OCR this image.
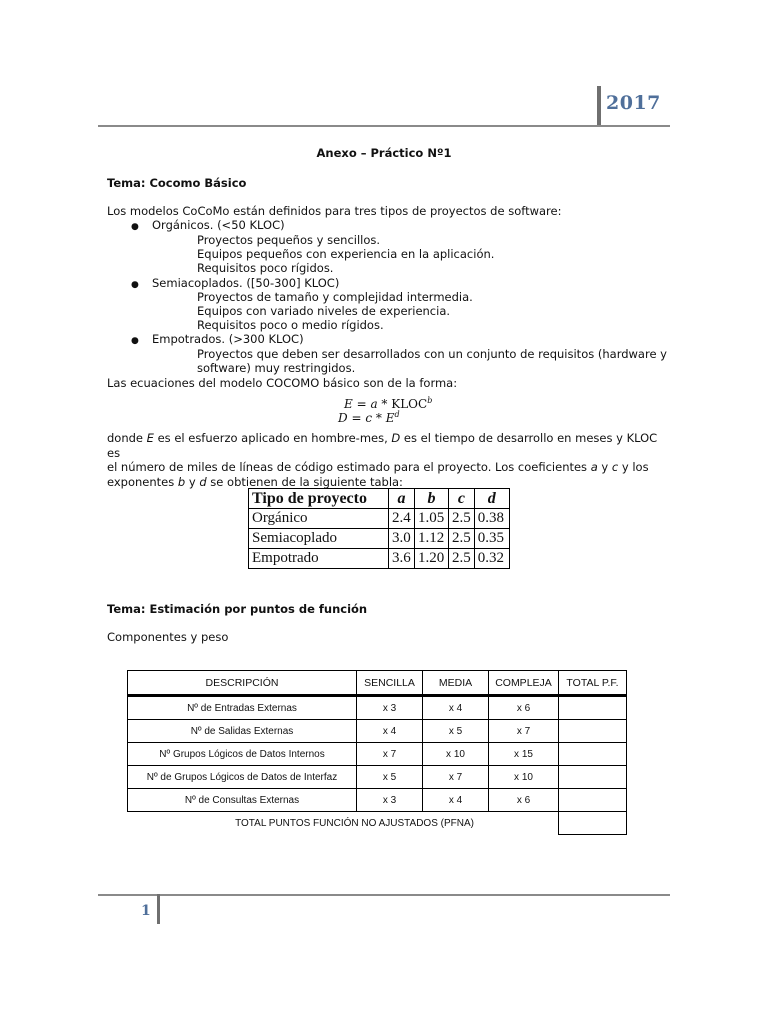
2017
Anexo – Práctico Nº1
Tema: Cocomo Básico
Los modelos CoCoMo están definidos para tres tipos de proyectos de software:
● Orgánicos. (<50 KLOC)
Proyectos pequeños y sencillos.
Equipos pequeños con experiencia en la aplicación.
Requisitos poco rígidos.
● Semiacoplados. ([50-300] KLOC)
Proyectos de tamaño y complejidad intermedia.
Equipos con variado niveles de experiencia.
Requisitos poco o medio rígidos.
● Empotrados. (>300 KLOC)
Proyectos que deben ser desarrollados con un conjunto de requisitos (hardware y
software) muy restringidos.
Las ecuaciones del modelo COCOMO básico son de la forma:
E = a * KLOC$^b$
$D = c * E^d$
donde E es el esfuerzo aplicado en hombre-mes, D es el tiempo de desarrollo en meses y KLOC es
el número de miles de líneas de código estimado para el proyecto. Los coeficientes a y c y los
exponentes b y d se obtienen de la siguiente tabla:
Tipo de proyecto	a	b	c	d
Orgánico	2.4	1.05	2.5	0.38
Semiacoplado	3.0	1.12	2.5	0.35
Empotrado	3.6	1.20	2.5	0.32
Tema: Estimación por puntos de función
Componentes y peso
DESCRIPCIÓN	SENCILLA	MEDIA	COMPLEJA	TOTAL P.F.
Nº de Entradas Externas	x 3	x 4	x 6	
Nº de Salidas Externas	x 4	x 5	x 7	
Nº Grupos Lógicos de Datos Internos	x 7	x 10	x 15	
Nº de Grupos Lógicos de Datos de Interfaz	x 5	x 7	x 10	
Nº de Consultas Externas	x 3	x 4	x 6	
TOTAL PUNTOS FUNCIÓN NO AJUSTADOS (PFNA)				
1
